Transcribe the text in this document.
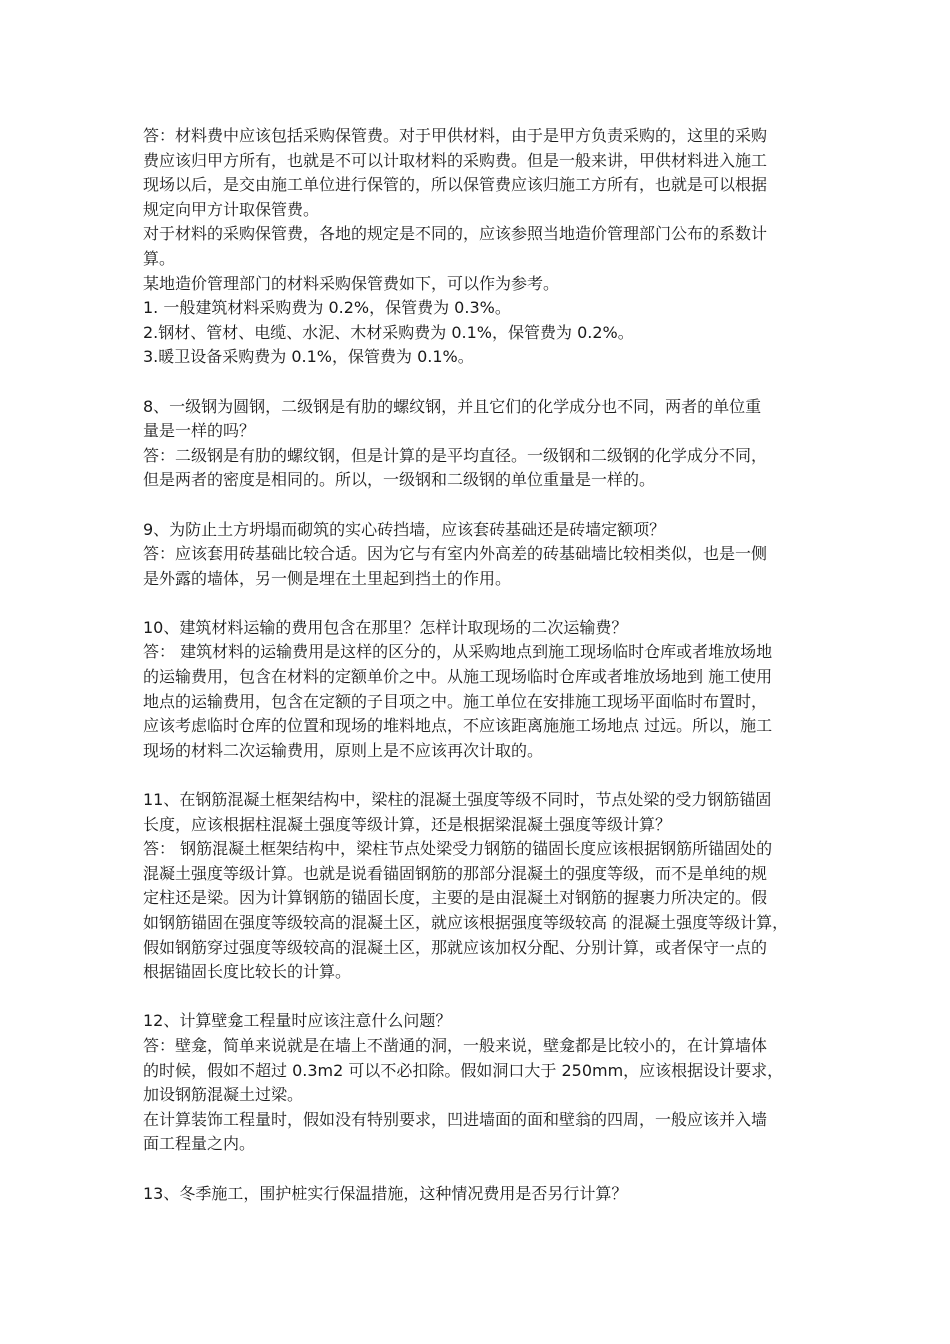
答：材料费中应该包括采购保管费。对于甲供材料，由于是甲方负责采购的，这里的采购
费应该归甲方所有，也就是不可以计取材料的采购费。但是一般来讲，甲供材料进入施工
现场以后，是交由施工单位进行保管的，所以保管费应该归施工方所有，也就是可以根据
规定向甲方计取保管费。
对于材料的采购保管费，各地的规定是不同的，应该参照当地造价管理部门公布的系数计
算。
某地造价管理部门的材料采购保管费如下，可以作为参考。
1. 一般建筑材料采购费为 0.2%，保管费为 0.3%。
2.钢材、管材、电缆、水泥、木材采购费为 0.1%，保管费为 0.2%。
3.暖卫设备采购费为 0.1%，保管费为 0.1%。
8、一级钢为圆钢，二级钢是有肋的螺纹钢，并且它们的化学成分也不同，两者的单位重
量是一样的吗？
答：二级钢是有肋的螺纹钢，但是计算的是平均直径。一级钢和二级钢的化学成分不同，
但是两者的密度是相同的。所以，一级钢和二级钢的单位重量是一样的。
9、为防止土方坍塌而砌筑的实心砖挡墙，应该套砖基础还是砖墙定额项？
答：应该套用砖基础比较合适。因为它与有室内外高差的砖基础墙比较相类似，也是一侧
是外露的墙体，另一侧是埋在土里起到挡土的作用。
10、建筑材料运输的费用包含在那里？怎样计取现场的二次运输费？
答： 建筑材料的运输费用是这样的区分的，从采购地点到施工现场临时仓库或者堆放场地
的运输费用，包含在材料的定额单价之中。从施工现场临时仓库或者堆放场地到 施工使用
地点的运输费用，包含在定额的子目项之中。施工单位在安排施工现场平面临时布置时，
应该考虑临时仓库的位置和现场的堆料地点，不应该距离施施工场地点 过远。所以，施工
现场的材料二次运输费用，原则上是不应该再次计取的。
11、在钢筋混凝土框架结构中，梁柱的混凝土强度等级不同时，节点处梁的受力钢筋锚固
长度，应该根据柱混凝土强度等级计算，还是根据梁混凝土强度等级计算？
答： 钢筋混凝土框架结构中，梁柱节点处梁受力钢筋的锚固长度应该根据钢筋所锚固处的
混凝土强度等级计算。也就是说看锚固钢筋的那部分混凝土的强度等级，而不是单纯的规
定柱还是梁。因为计算钢筋的锚固长度，主要的是由混凝土对钢筋的握裹力所决定的。假
如钢筋锚固在强度等级较高的混凝土区，就应该根据强度等级较高 的混凝土强度等级计算，
假如钢筋穿过强度等级较高的混凝土区，那就应该加权分配、分别计算，或者保守一点的
根据锚固长度比较长的计算。
12、计算壁龛工程量时应该注意什么问题？
答：壁龛，简单来说就是在墙上不凿通的洞，一般来说，壁龛都是比较小的，在计算墙体
的时候，假如不超过 0.3m2 可以不必扣除。假如洞口大于 250mm，应该根据设计要求，
加设钢筋混凝土过梁。
在计算装饰工程量时，假如没有特别要求，凹进墙面的面和壁翁的四周，一般应该并入墙
面工程量之内。
13、冬季施工，围护桩实行保温措施，这种情况费用是否另行计算？
